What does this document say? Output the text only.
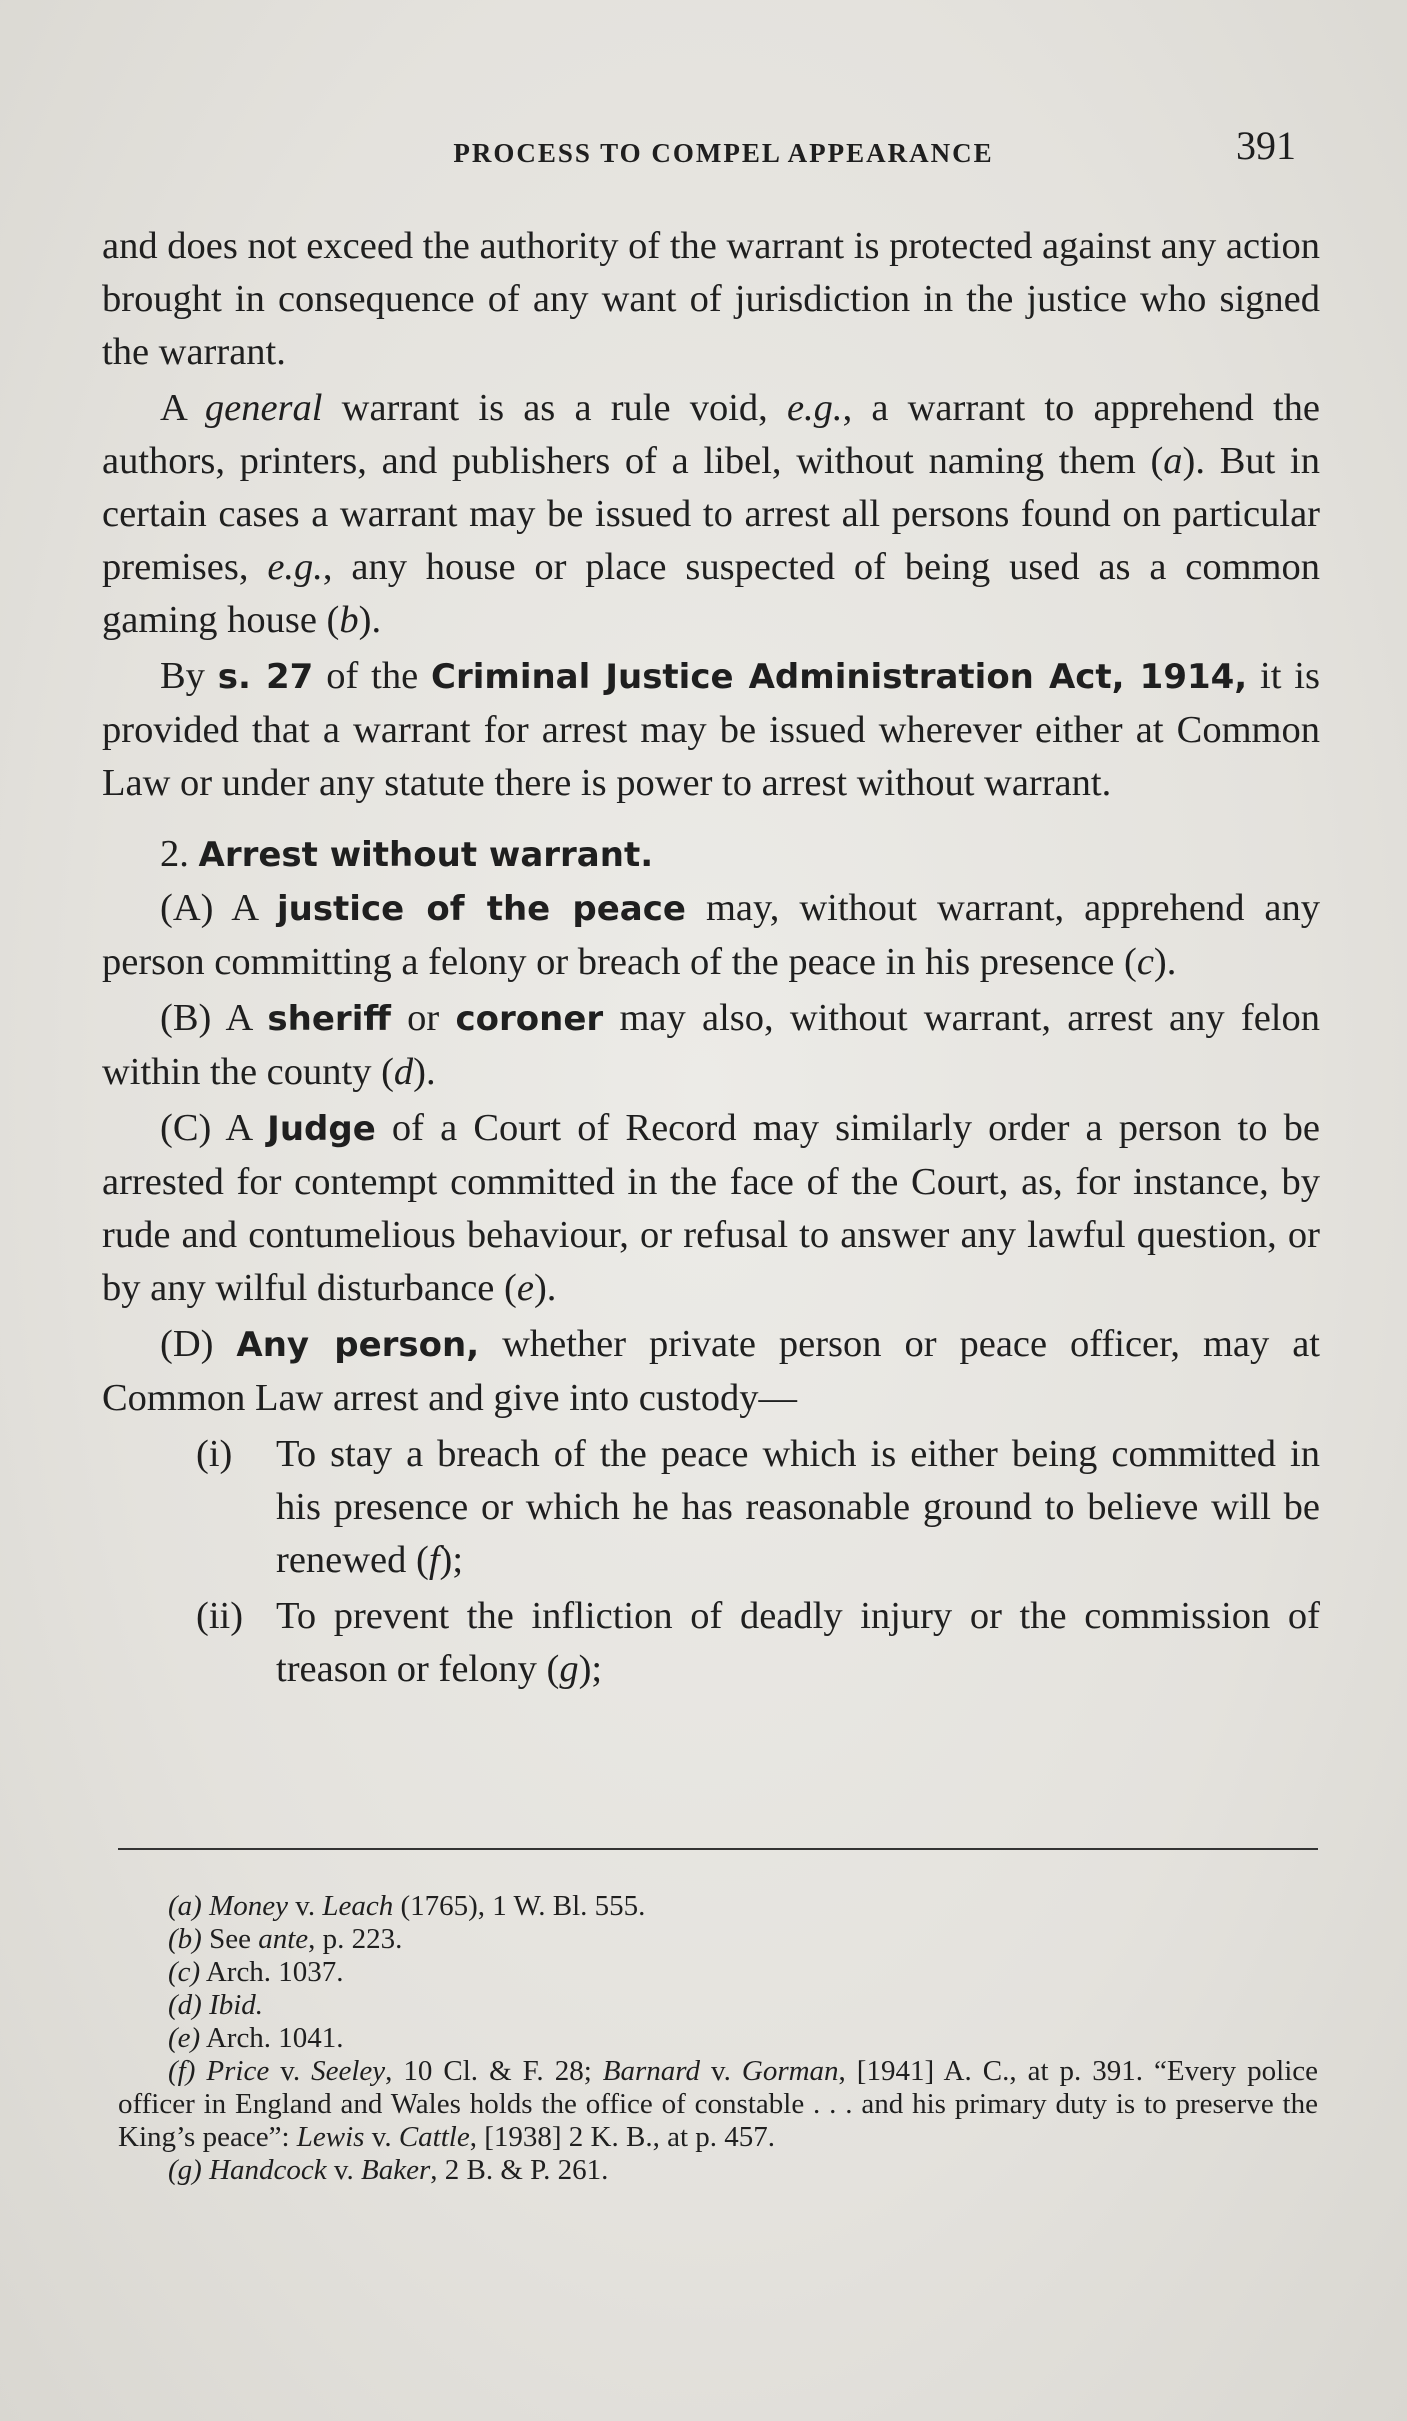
PROCESS TO COMPEL APPEARANCE	391

and does not exceed the authority of the warrant is protected against any action brought in consequence of any want of jurisdiction in the justice who signed the warrant.

A general warrant is as a rule void, e.g., a warrant to apprehend the authors, printers, and publishers of a libel, without naming them (a). But in certain cases a warrant may be issued to arrest all persons found on particular premises, e.g., any house or place suspected of being used as a common gaming house (b).

By s. 27 of the Criminal Justice Administration Act, 1914, it is provided that a warrant for arrest may be issued wherever either at Common Law or under any statute there is power to arrest without warrant.

2. Arrest without warrant.

(A) A justice of the peace may, without warrant, apprehend any person committing a felony or breach of the peace in his presence (c).

(B) A sheriff or coroner may also, without warrant, arrest any felon within the county (d).

(C) A Judge of a Court of Record may similarly order a person to be arrested for contempt committed in the face of the Court, as, for instance, by rude and contumelious behaviour, or refusal to answer any lawful question, or by any wilful disturbance (e).

(D) Any person, whether private person or peace officer, may at Common Law arrest and give into custody—

(i) To stay a breach of the peace which is either being committed in his presence or which he has reasonable ground to believe will be renewed (f);
(ii) To prevent the infliction of deadly injury or the commission of treason or felony (g);

(a) Money v. Leach (1765), 1 W. Bl. 555.

(b) See ante, p. 223.

(c) Arch. 1037.

(d) Ibid.

(e) Arch. 1041.

(f) Price v. Seeley, 10 Cl. & F. 28; Barnard v. Gorman, [1941] A. C., at p. 391. “Every police officer in England and Wales holds the office of constable . . . and his primary duty is to preserve the King’s peace”: Lewis v. Cattle, [1938] 2 K. B., at p. 457.

(g) Handcock v. Baker, 2 B. & P. 261.
